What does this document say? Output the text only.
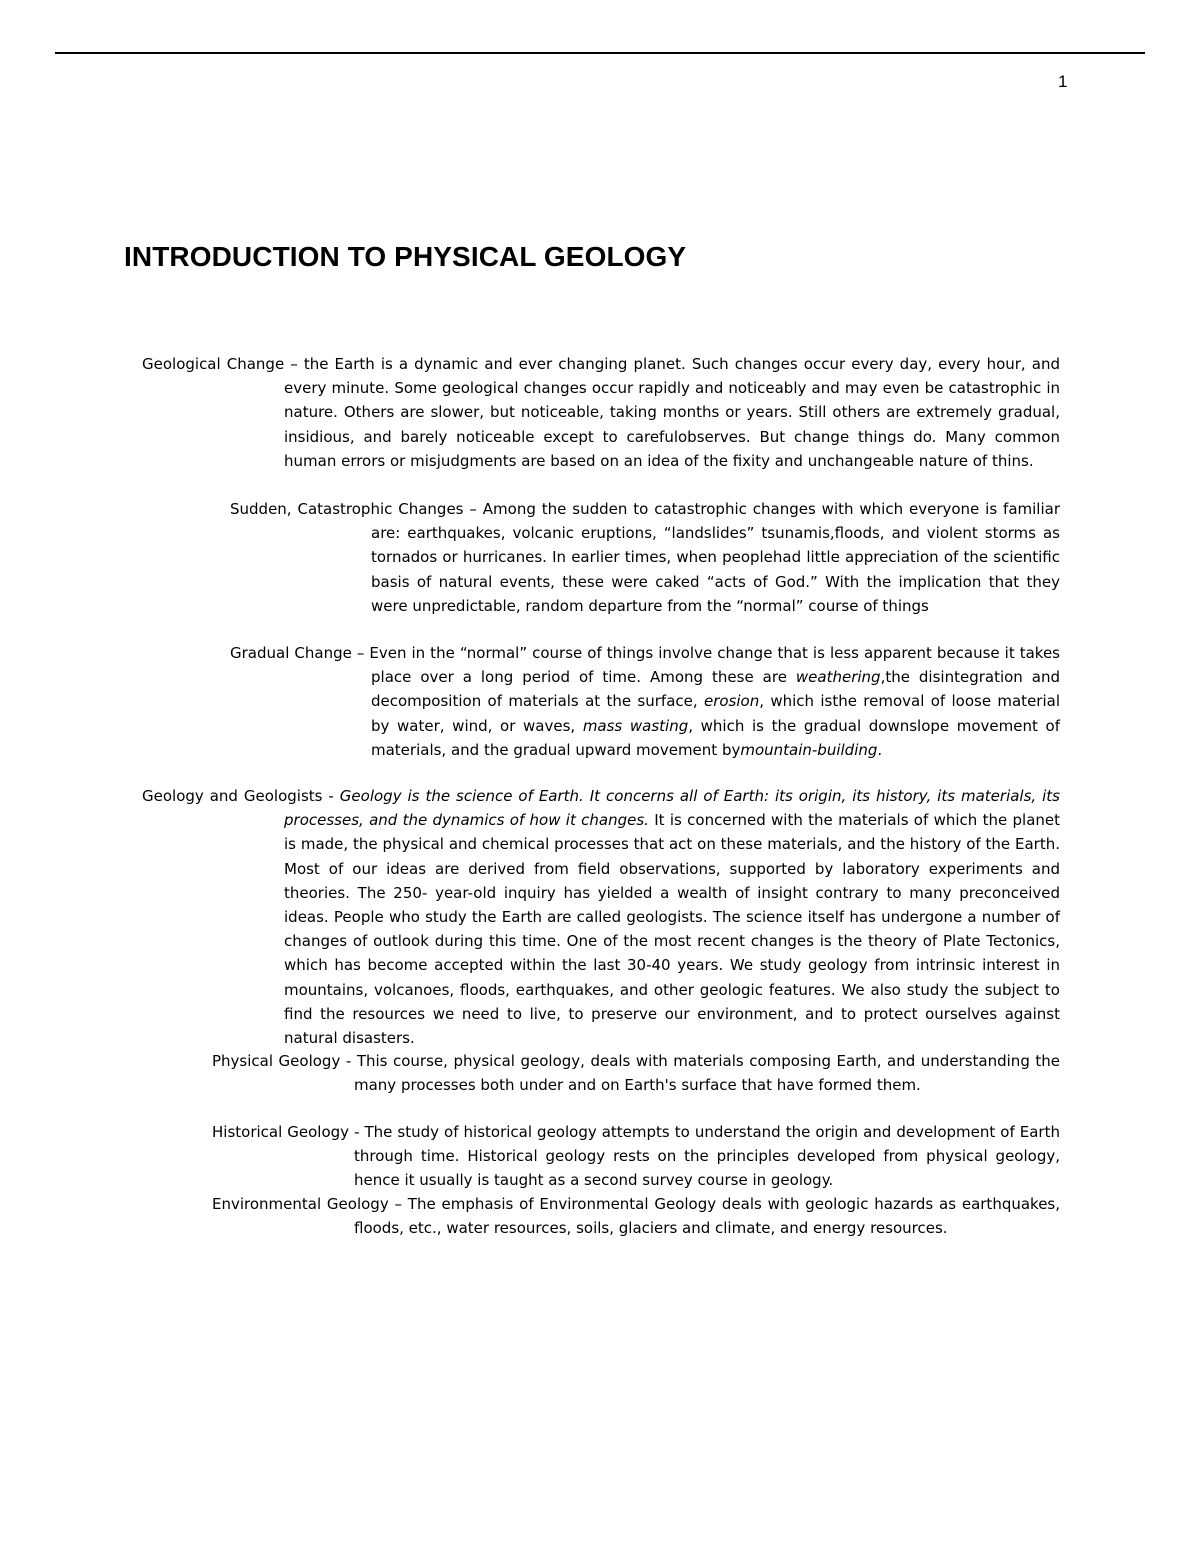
1
INTRODUCTION TO PHYSICAL GEOLOGY

Geological Change – the Earth is a dynamic and ever changing planet. Such changes occur every day, every hour, and every minute. Some geological changes occur rapidly and noticeably and may even be catastrophic in nature. Others are slower, but noticeable, taking months or years. Still others are extremely gradual, insidious, and barely noticeable except to carefulobserves. But change things do. Many common human errors or misjudgments are based on an idea of the fixity and unchangeable nature of thins.

Sudden, Catastrophic Changes – Among the sudden to catastrophic changes with which everyone is familiar are: earthquakes, volcanic eruptions, “landslides” tsunamis,floods, and violent storms as tornados or hurricanes. In earlier times, when peoplehad little appreciation of the scientific basis of natural events, these were caked “acts of God.” With the implication that they were unpredictable, random departure from the “normal” course of things

Gradual Change – Even in the “normal” course of things involve change that is less apparent because it takes place over a long period of time. Among these are weathering,the disintegration and decomposition of materials at the surface, erosion, which isthe removal of loose material by water, wind, or waves, mass wasting, which is the gradual downslope movement of materials, and the gradual upward movement bymountain-building.

Geology and Geologists - Geology is the science of Earth. It concerns all of Earth: its origin, its history, its materials, its processes, and the dynamics of how it changes. It is concerned with the materials of which the planet is made, the physical and chemical processes that act on these materials, and the history of the Earth. Most of our ideas are derived from field observations, supported by laboratory experiments and theories. The 250- year-old inquiry has yielded a wealth of insight contrary to many preconceived ideas. People who study the Earth are called geologists. The science itself has undergone a number of changes of outlook during this time. One of the most recent changes is the theory of Plate Tectonics, which has become accepted within the last 30-40 years. We study geology from intrinsic interest in mountains, volcanoes, floods, earthquakes, and other geologic features. We also study the subject to find the resources we need to live, to preserve our environment, and to protect ourselves against natural disasters.

Physical Geology - This course, physical geology, deals with materials composing Earth, and understanding the many processes both under and on Earth's surface that have formed them.

Historical Geology - The study of historical geology attempts to understand the origin and development of Earth through time. Historical geology rests on the principles developed from physical geology, hence it usually is taught as a second survey course in geology.

Environmental Geology – The emphasis of Environmental Geology deals with geologic hazards as earthquakes, floods, etc., water resources, soils, glaciers and climate, and energy resources.
